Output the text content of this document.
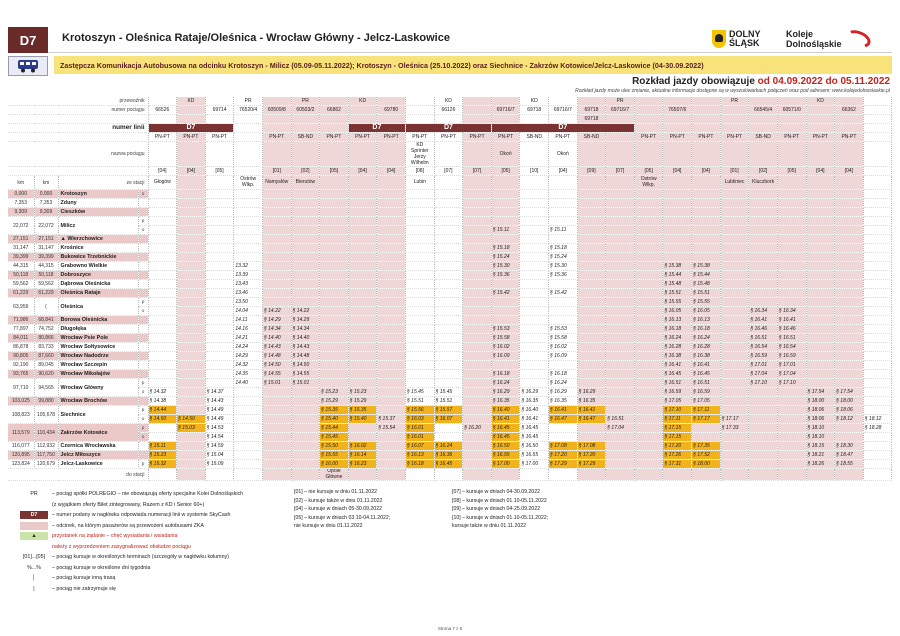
D7	Krotoszyn - Oleśnica Rataje/Oleśnica - Wrocław Główny - Jelcz-Laskowice	DOLNY
ŚLĄSK
Koleje
Dolnośląskie
Zastępcza Komunikacja Autobusowa na odcinku Krotoszyn - Milicz (05.09-05.11.2022); Krotoszyn - Oleśnica (25.10.2022) oraz Siechnice - Zakrzów Kotowice/Jelcz-Laskowice (04-30.09.2022)
Rozkład jazdy obowiązuje od 04.09.2022 do 05.11.2022
Rozkład jazdy może ulec zmianie, aktualne informacje dostępne są w wyszukiwarkach połączeń oraz pod adresem: www.kolejedolnoslaskie.pl
przewoźnik					KD		PR		PR		KD			KD			KD			PR				PR			KD		
numer pociągu				66526		69714	76520/4	60509/8	60503/2	66862		69780		66126		69716/7	69718	69716/7	69718	69716/7		76507/6			66545/4	60571/0		66362	
																			69718										
numer linii				D7							D7		D7			D7													
				PN-PT	PN-PT	PN-PT		PN-PT	SB-ND	PN-PT	PN-PT	PN-PT	PN-PT	PN-PT	PN-PT	PN-PT	SB-ND	PN-PT	SB-ND		PN-PT	PN-PT	PN-PT	PN-PT	SB-ND	PN-PT	PN-PT	PN-PT	
nazwa pociągu													KD Sprinter Jerzy Wilhelm			Okoń		Okoń											
				[04]	[04]	[05]		[01]	[02]	[05]	[04]	[04]	[08]	[07]	[07]	[05]	[10]	[04]	[09]	[07]	[05]	[04]	[04]	[01]	[02]	[05]	[04]	[04]	
km	km	ze stacji		Głogów			Ostrów Wlkp.	Namysłów	Bierutów				Lubin								Ostrów Wlkp.			Lubliniec	Kluczbork				
0,000	0,000	Krotoszyn	o																										
7,353	7,353	Zduny																											
9,309	9,309	Cieszków																											
22,072	22,072	Milicz	p																										
			o													§ 15.11		§ 15.11											
27,151	27,151	▲ Wierzchowice																											
31,147	31,147	Krośnice														§ 15.18		§ 15.18											
39,399	39,399	Bukowice Trzebnickie														§ 15.24		§ 15.24											
44,315	44,315	Grabowno Wielkie					13.32									§ 15.30		§ 15.30				§ 15.38	§ 15.38						
50,118	50,118	Dobroszyce					13.39									§ 15.36		§ 15.36				§ 15.44	§ 15.44						
59,562	59,562	Dąbrowa Oleśnicka					13.43															§ 15.48	§ 15.48						
61,229	61,229	Oleśnica Rataje					13.46									§ 15.42		§ 15.42				§ 15.51	§ 15.51						
63,959	(	Oleśnica	p				13.50															§ 15.55	§ 15.55						
			o				14.04	§ 14.22	§ 14.22													§ 16.05	§ 16.05		§ 16.34	§ 16.34			
71,986	68,841	Borowa Oleśnicka					14.11	§ 14.29	§ 14.29													§ 16.13	§ 16.13		§ 16.41	§ 16.41			
77,897	74,752	Długołęka					14.16	§ 14.34	§ 14.34							§ 15.53		§ 15.53				§ 16.18	§ 16.18		§ 16.46	§ 16.46			
84,011	80,866	Wrocław Psie Pole					14.21	§ 14.40	§ 14.40							§ 15.58		§ 15.58				§ 16.24	§ 16.24		§ 16.51	§ 16.51			
86,878	83,733	Wrocław Sołtysowice					14.24	§ 14.43	§ 14.43							§ 16.02		§ 16.02				§ 16.28	§ 16.28		§ 16.54	§ 16.54			
90,805	87,660	Wrocław Nadodrze					14.29	§ 14.48	§ 14.48							§ 16.09		§ 16.09				§ 16.38	§ 16.38		§ 16.59	§ 16.59			
92,190	89,045	Wrocław Szczepin					14.32	§ 14.50	§ 14.50													§ 16.41	§ 16.41		§ 17.01	§ 17.01			
93,765	90,620	Wrocław Mikołajów					14.35	§ 14.55	§ 14.55							§ 16.18		§ 16.18				§ 16.45	§ 16.45		§ 17.04	§ 17.04			
97,710	94,565	Wrocław Główny	p				14.40	§ 15.01	§ 15.01							§ 16.24		§ 16.24				§ 16.51	§ 16.51		§ 17.10	§ 17.10			
			o	§ 14.32		§ 14.37				§ 15.23	§ 15.23		§ 15.45	§ 15.45		§ 16.29	§ 16.29	§ 16.29	§ 16.29			§ 16.59	§ 16.59				§ 17.54	§ 17.54	
103,025	99,880	Wrocław Brochów		§ 14.38		§ 14.43				§ 15.29	§ 15.29		§ 15.51	§ 15.51		§ 16.35	§ 16.35	§ 16.35	§ 16.35			§ 17.05	§ 17.05				§ 18.00	§ 18.00	
108,823	105,678	Siechnice	p	§ 14.44		§ 14.49				§ 15.35	§ 15.35		§ 15.56	§ 15.57		§ 16.40	§ 16.40	§ 16.41	§ 16.41			§ 17.10	§ 17.11				§ 18.06	§ 18.06	
			o	§ 14.50	§ 14.50	§ 14.49				§ 15.40	§ 15.40	§ 15.37	§ 16.03	§ 16.07		§ 16.41	§ 16.41	§ 16.47	§ 16.47	§ 16.51		§ 17.11	§ 17.17	§ 17.17			§ 18.06	§ 18.12	§ 18.12
113,579	110,434	Zakrzów Kotowice	p		§ 15.03	§ 14.53				§ 15.44		§ 15.54	§ 16.01		§ 16.20	§ 16.45	§ 16.45			§ 17.04		§ 17.15		§ 17.33			§ 18.10		§ 18.28
			o			§ 14.54				§ 15.45			§ 16.01			§ 16.45	§ 16.45					§ 17.15					§ 18.10		
116,077	112,932	Czernica Wrocławska		§ 15.11		§ 14.59				§ 15.50	§ 16.02		§ 16.07	§ 16.24		§ 16.50	§ 16.50	§ 17.08	§ 17.08			§ 17.20	§ 17.35				§ 18.15	§ 18.30	
120,895	117,750	Jelcz Miłoszyce		§ 15.23		§ 15.04				§ 15.55	§ 16.14		§ 16.13	§ 16.36		§ 16.55	§ 16.55	§ 17.20	§ 17.20			§ 17.26	§ 17.52				§ 18.21	§ 18.47	
123,824	120,679	Jelcz-Laskowice	p	§ 15.32		§ 15.09				§ 16.00	§ 16.23		§ 16.18	§ 16.45		§ 17.00	§ 17.00	§ 17.29	§ 17.29			§ 17.31	§ 18.00				§ 18.26	§ 18.55	
do stacji										Opole Główne																			
PR	– pociąg spółki POLREGIO – nie obowiązują oferty specjalne Kolei Dolnośląskich
(z wyjątkiem oferty Bilet zintegrowany, Razem z KD i Senior 60+)
D7	– numer podany w nagłówku odpowiada numeracji linii w systemie SkyCash
– odcinek, na którym pasażerów są przewożeni autobusami ZKA
▲	przystanek na żądanie – chęć wysiadania i wsiadania
należy z wyprzedzeniem zasygnalizować obsłudze pociągu
[01]...[05]	– pociąg kursuje w określonych terminach (szczegóły w nagłówku kolumny)
%...%	– pociąg kursuje w określone dni tygodnia
│	– pociąg kursuje inną trasą
|	– pociąg nie zatrzymuje się
[01] – nie kursuje w dniu 01.11.2022
[02] – kursuje także w dniu 01.11.2022
[04] – kursuje w dniach 05-30.09.2022
[05] – kursuje w dniach 03.10-04.11.2022;
nie kursuje w dniu 01.11.2022
[07] – kursuje w dniach 04-30.09.2022
[08] – kursuje w dniach 01.10-05.11.2022
[09] – kursuje w dniach 04-25.09.2022
[10] – kursuje w dniach 01.10-05.11.2022;
kursuje także w dniu 01.11.2022
Strona 7 z 8
